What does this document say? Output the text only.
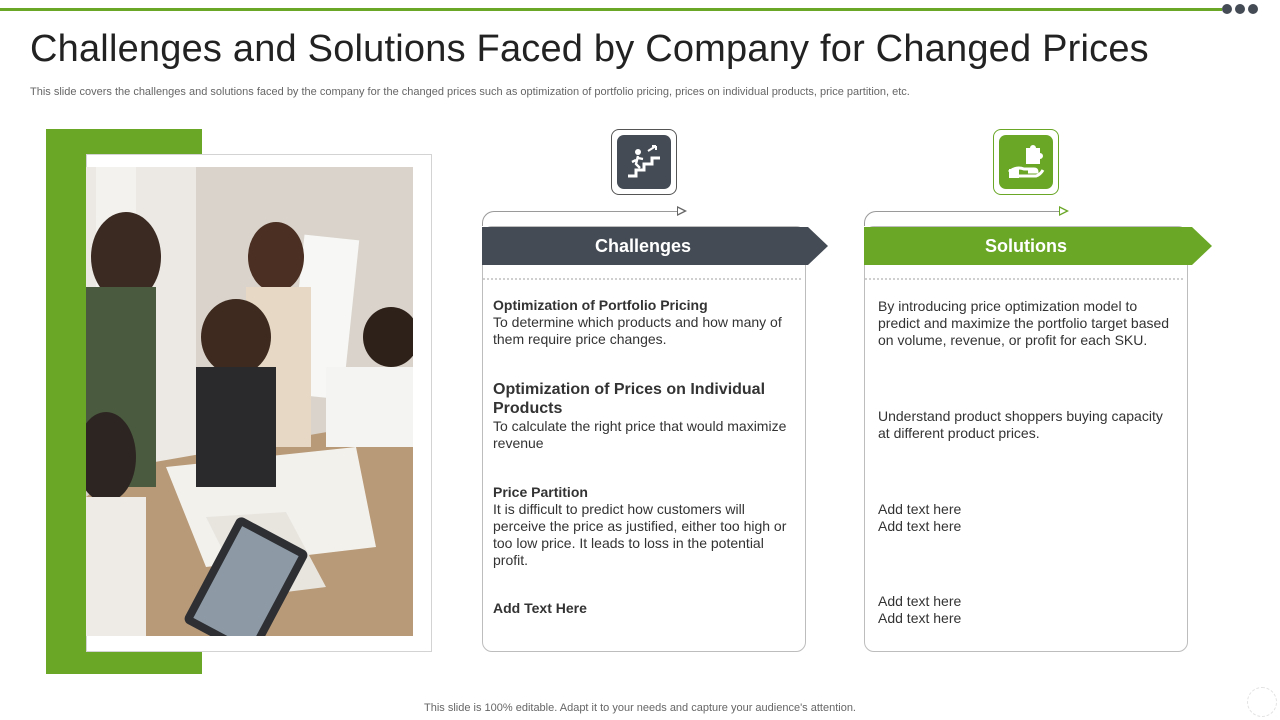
Challenges and Solutions Faced by Company for Changed Prices
This slide covers the challenges and solutions faced by the company for the changed prices such as optimization of portfolio pricing, prices on individual products, price partition, etc.
Challenges
Optimization of Portfolio Pricing
To determine which products and how many of them require price changes.
Optimization of Prices on Individual Products
To calculate the right price that would maximize revenue
Price Partition
It is difficult to predict how customers will perceive the price as justified, either too high or too low price. It leads to loss in the potential profit.
Add Text Here
Solutions
By introducing price optimization model to predict and maximize the portfolio target based on volume, revenue, or profit for each SKU.
Understand product shoppers buying capacity at different product prices.
Add text here
Add text here
Add text here
Add text here
This slide is 100% editable. Adapt it to your needs and capture your audience's attention.
